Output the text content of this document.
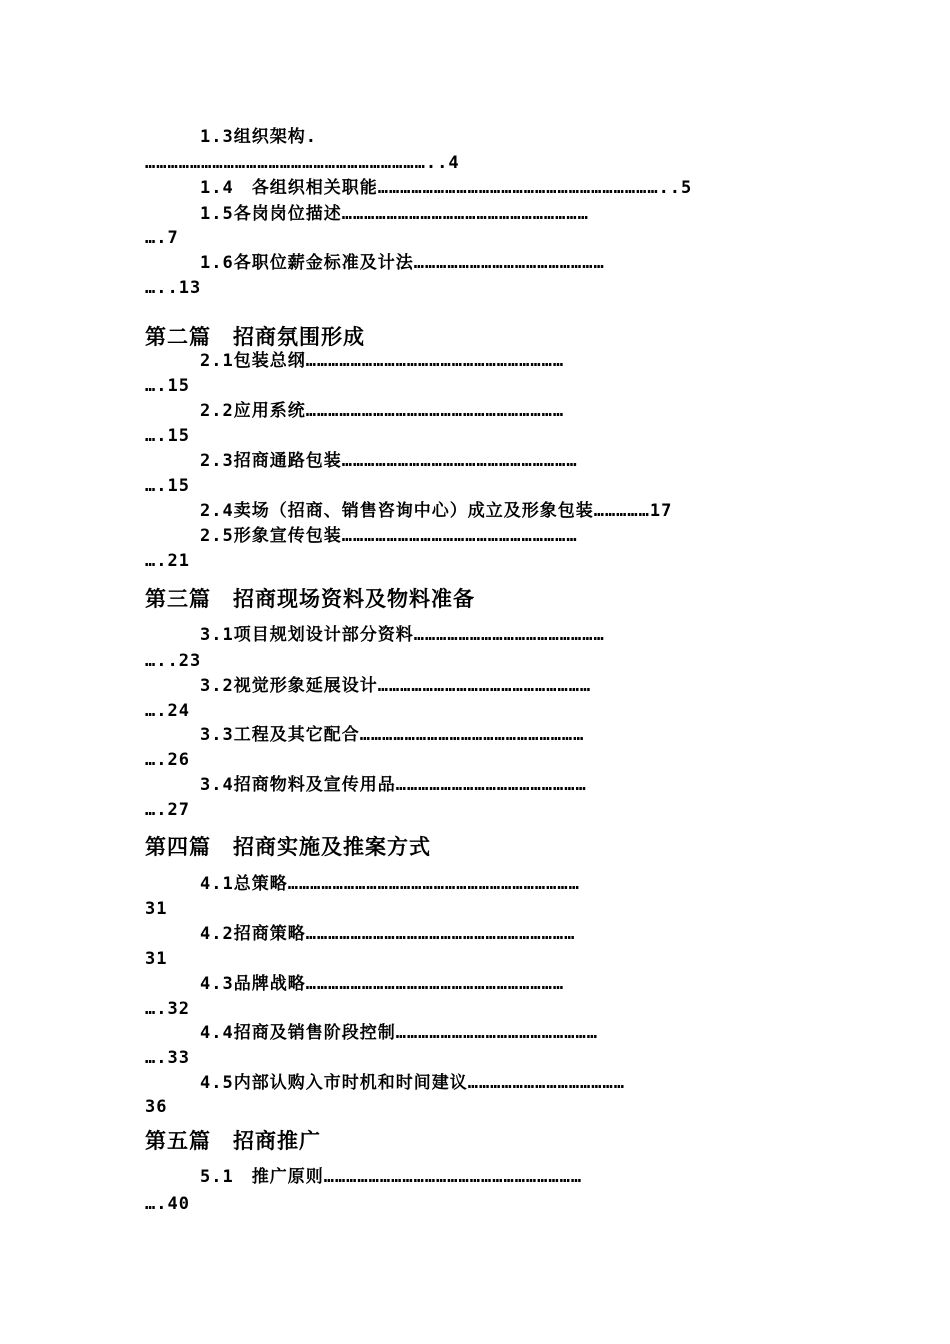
1.3组织架构.
…………………………………………………………………..4
1.4　各组织相关职能…………………………………………………………………..5
1.5各岗岗位描述…………………………………………………………
….7
1.6各职位薪金标准及计法……………………………………………
…..13
第二篇　招商氛围形成
2.1包装总纲……………………………………………………………
….15
2.2应用系统……………………………………………………………
….15
2.3招商通路包装………………………………………………………
….15
2.4卖场（招商、销售咨询中心）成立及形象包装……………17
2.5形象宣传包装………………………………………………………
….21
第三篇　招商现场资料及物料准备
3.1项目规划设计部分资料……………………………………………
…..23
3.2视觉形象延展设计…………………………………………………
….24
3.3工程及其它配合……………………………………………………
….26
3.4招商物料及宣传用品……………………………………………
….27
第四篇　招商实施及推案方式
4.1总策略……………………………………………………………………
31
4.2招商策略………………………………………………………………
31
4.3品牌战略……………………………………………………………
….32
4.4招商及销售阶段控制………………………………………………
….33
4.5内部认购入市时机和时间建议……………………………………
36
第五篇　招商推广
5.1　推广原则……………………………………………………………
….40
